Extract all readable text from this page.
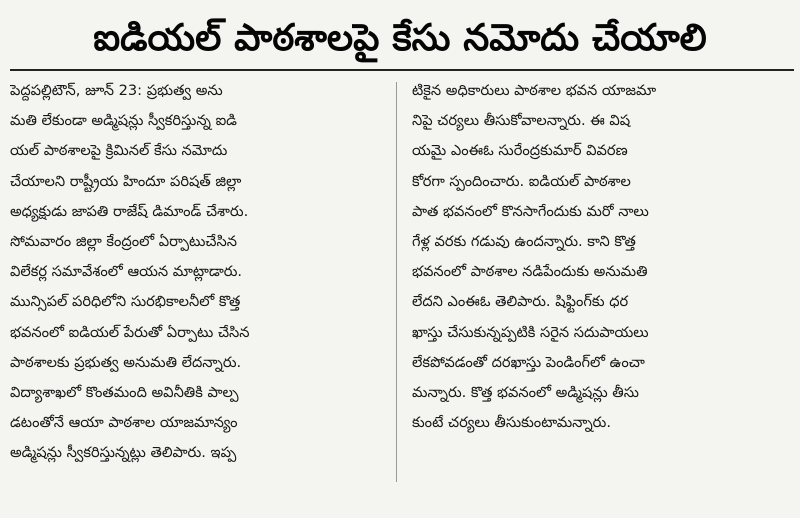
ఐడియల్ పాఠశాలపై కేసు నమోదు చేయాలి
పెద్దపల్లిటౌన్, జూన్ 23: ప్రభుత్వ అను
మతి లేకుండా అడ్మిషన్లు స్వీకరిస్తున్న ఐడి
యల్ పాఠశాలపై క్రిమినల్ కేసు నమోదు
చేయాలని రాష్ట్రీయ హిందూ పరిషత్ జిల్లా
అధ్యక్షుడు జాపతి రాజేష్ డిమాండ్ చేశారు.
సోమవారం జిల్లా కేంద్రంలో ఏర్పాటుచేసిన
విలేకర్ల సమావేశంలో ఆయన మాట్లాడారు.
మున్సిపల్ పరిధిలోని సురభికాలనీలో కొత్త
భవనంలో ఐడియల్ పేరుతో ఏర్పాటు చేసిన
పాఠశాలకు ప్రభుత్వ అనుమతి లేదన్నారు.
విద్యాశాఖలో కొంతమంది అవినీతికి పాల్ప
డటంతోనే ఆయా పాఠశాల యాజమాన్యం
అడ్మిషన్లు స్వీకరిస్తున్నట్లు తెలిపారు. ఇప్ప
టికైన అధికారులు పాఠశాల భవన యాజమా
నిపై చర్యలు తీసుకోవాలన్నారు. ఈ విష
యమై ఎంఈఓ సురేంద్రకుమార్ వివరణ
కోరగా స్పందించారు. ఐడియల్ పాఠశాల
పాత భవనంలో కొనసాగేందుకు మరో నాలు
గేళ్ల వరకు గడువు ఉందన్నారు. కాని కొత్త
భవనంలో పాఠశాల నడిపేందుకు అనుమతి
లేదని ఎంఈఓ తెలిపారు. షిఫ్టింగ్‌కు ధర
ఖాస్తు చేసుకున్నప్పటికి సరైన సదుపాయలు
లేకపోవడంతో దరఖాస్తు పెండింగ్‌లో ఉంచా
మన్నారు. కొత్త భవనంలో అడ్మిషన్లు తీసు
కుంటే చర్యలు తీసుకుంటామన్నారు.
